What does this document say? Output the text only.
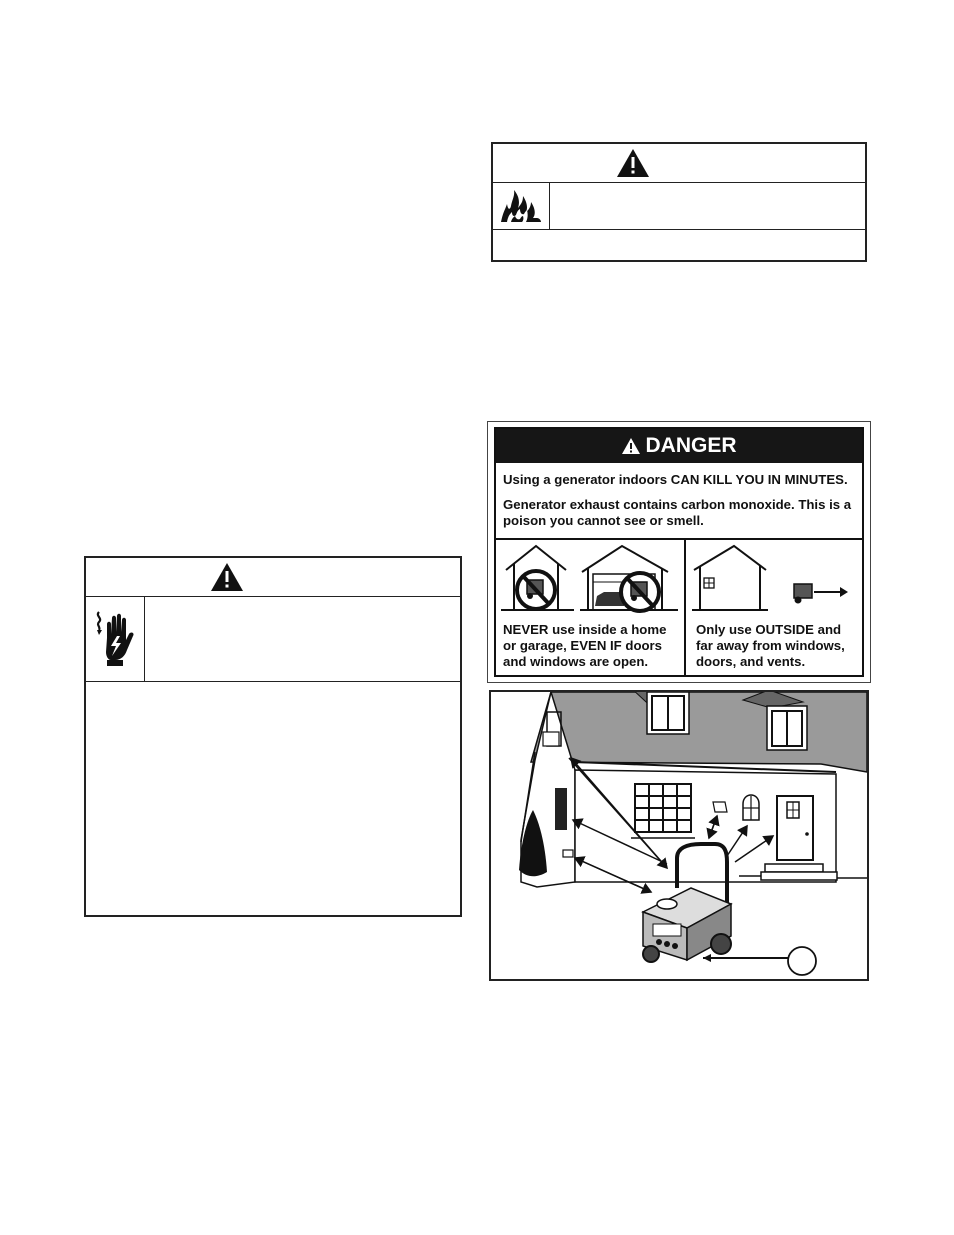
DANGER

Using a generator indoors CAN KILL YOU IN MINUTES.

Generator exhaust contains carbon monoxide. This is a poison you cannot see or smell.

NEVER use inside a home or garage, EVEN IF doors and windows are open.
Only use OUTSIDE and far away from windows, doors, and vents.
